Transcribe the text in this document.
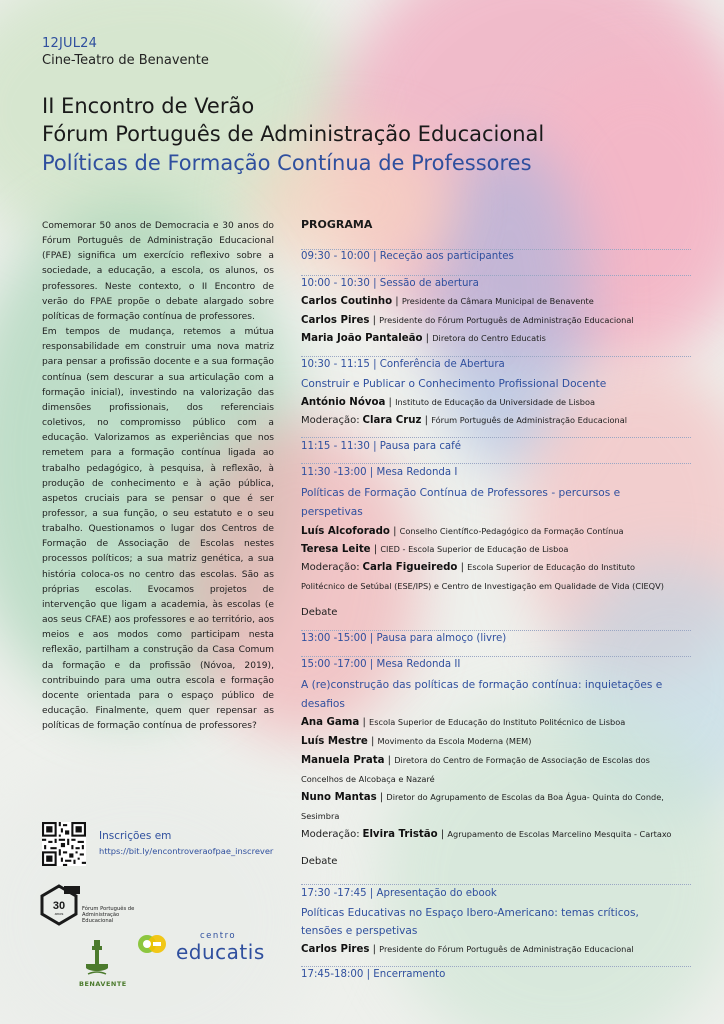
12JUL24
Cine-Teatro de Benavente
II Encontro de Verão
Fórum Português de Administração Educacional
Políticas de Formação Contínua de Professores

Comemorar 50 anos de Democracia e 30 anos do Fórum Português de Administração Educacional (FPAE) significa um exercício reflexivo sobre a sociedade, a educação, a escola, os alunos, os professores. Neste contexto, o II Encontro de verão do FPAE propõe o debate alargado sobre políticas de formação contínua de professores.

Em tempos de mudança, retemos a mútua responsabilidade em construir uma nova matriz para pensar a profissão docente e a sua formação contínua (sem descurar a sua articulação com a formação inicial), investindo na valorização das dimensões profissionais, dos referenciais coletivos, no compromisso público com a educação. Valorizamos as experiências que nos remetem para a formação contínua ligada ao trabalho pedagógico, à pesquisa, à reflexão, à produção de conhecimento e à ação pública, aspetos cruciais para se pensar o que é ser professor, a sua função, o seu estatuto e o seu trabalho. Questionamos o lugar dos Centros de Formação de Associação de Escolas nestes processos políticos; a sua matriz genética, a sua história coloca-os no centro das escolas. São as próprias escolas. Evocamos projetos de intervenção que ligam a academia, às escolas (e aos seus CFAE) aos professores e ao território, aos meios e aos modos como participam nesta reflexão, partilham a construção da Casa Comum da formação e da profissão (Nóvoa, 2019), contribuindo para uma outra escola e formação docente orientada para o espaço público de educação. Finalmente, quem quer repensar as políticas de formação contínua de professores?

Inscrições em
https://bit.ly/encontroveraofpae_inscrever
30
anos
Fórum Português de Administração Educacional
BENAVENTE
centro
educatis
PROGRAMA
09:30 - 10:00 | Receção aos participantes
10:00 - 10:30 | Sessão de abertura
Carlos Coutinho | Presidente da Câmara Municipal de Benavente
Carlos Pires | Presidente do Fórum Português de Administração Educacional
Maria João Pantaleão | Diretora do Centro Educatis
10:30 - 11:15 | Conferência de Abertura
Construir e Publicar o Conhecimento Profissional Docente
António Nóvoa | Instituto de Educação da Universidade de Lisboa
Moderação: Clara Cruz | Fórum Português de Administração Educacional
11:15 - 11:30 | Pausa para café
11:30 -13:00 | Mesa Redonda I
Políticas de Formação Contínua de Professores - percursos e
perspetivas
Luís Alcoforado | Conselho Científico-Pedagógico da Formação Contínua
Teresa Leite | CIED - Escola Superior de Educação de Lisboa
Moderação: Carla Figueiredo | Escola Superior de Educação do Instituto
Politécnico de Setúbal (ESE/IPS) e Centro de Investigação em Qualidade de Vida (CIEQV)
Debate
13:00 -15:00 | Pausa para almoço (livre)
15:00 -17:00 | Mesa Redonda II
A (re)construção das políticas de formação contínua: inquietações e
desafios
Ana Gama | Escola Superior de Educação do Instituto Politécnico de Lisboa
Luís Mestre | Movimento da Escola Moderna (MEM)
Manuela Prata | Diretora do Centro de Formação de Associação de Escolas dos
Concelhos de Alcobaça e Nazaré
Nuno Mantas | Diretor do Agrupamento de Escolas da Boa Água- Quinta do Conde,
Sesimbra
Moderação: Elvira Tristão | Agrupamento de Escolas Marcelino Mesquita - Cartaxo
Debate
17:30 -17:45 | Apresentação do ebook
Políticas Educativas no Espaço Ibero-Americano: temas críticos,
tensões e perspetivas
Carlos Pires | Presidente do Fórum Português de Administração Educacional
17:45-18:00 | Encerramento
